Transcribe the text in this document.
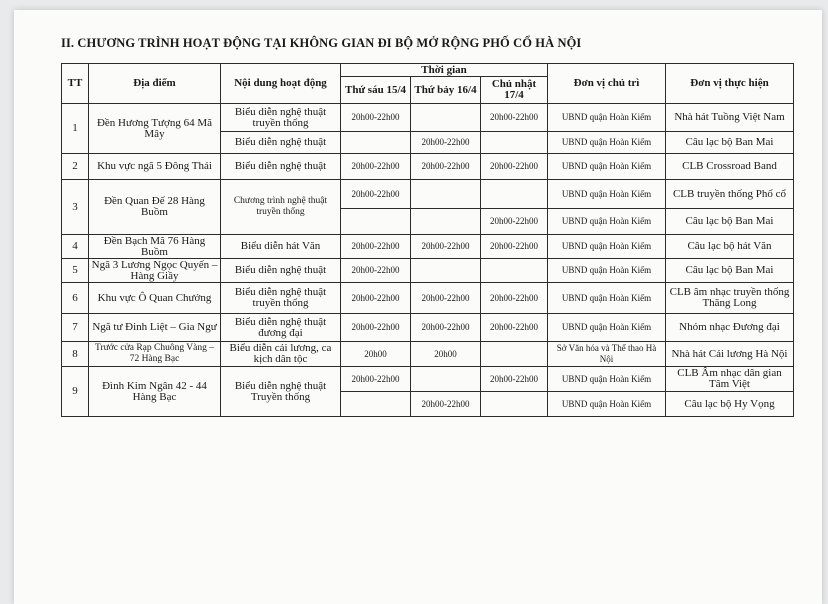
II. CHƯƠNG TRÌNH HOẠT ĐỘNG TẠI KHÔNG GIAN ĐI BỘ MỞ RỘNG PHỐ CỔ HÀ NỘI
TT	Địa điểm	Nội dung hoạt động	Thời gian			Đơn vị chủ trì	Đơn vị thực hiện
			Thứ sáu 15/4	Thứ bảy 16/4	Chủ nhật 17/4		
1	Đền Hương Tượng 64 Mã Mây	Biểu diễn nghệ thuật truyền thống	20h00-22h00		20h00-22h00	UBND quận Hoàn Kiếm	Nhà hát Tuồng Việt Nam
		Biểu diễn nghệ thuật		20h00-22h00		UBND quận Hoàn Kiếm	Câu lạc bộ Ban Mai
2	Khu vực ngã 5 Đông Thái	Biểu diễn nghệ thuật	20h00-22h00	20h00-22h00	20h00-22h00	UBND quận Hoàn Kiếm	CLB Crossroad Band
3	Đền Quan Đế 28 Hàng Buồm	Chương trình nghệ thuật truyền thống	20h00-22h00			UBND quận Hoàn Kiếm	CLB truyền thống Phố cổ
					20h00-22h00	UBND quận Hoàn Kiếm	Câu lạc bộ Ban Mai
4	Đền Bạch Mã 76 Hàng Buồm	Biểu diễn hát Văn	20h00-22h00	20h00-22h00	20h00-22h00	UBND quận Hoàn Kiếm	Câu lạc bộ hát Văn
5	Ngã 3 Lương Ngọc Quyến – Hàng Giầy	Biểu diễn nghệ thuật	20h00-22h00			UBND quận Hoàn Kiếm	Câu lạc bộ Ban Mai
6	Khu vực Ô Quan Chưởng	Biểu diễn nghệ thuật truyền thống	20h00-22h00	20h00-22h00	20h00-22h00	UBND quận Hoàn Kiếm	CLB âm nhạc truyền thống Thăng Long
7	Ngã tư Đinh Liệt – Gia Ngư	Biểu diễn nghệ thuật đương đại	20h00-22h00	20h00-22h00	20h00-22h00	UBND quận Hoàn Kiếm	Nhóm nhạc Đương đại
8	Trước cửa Rạp Chuông Vàng – 72 Hàng Bạc	Biểu diễn cải lương, ca kịch dân tộc	20h00	20h00		Sở Văn hóa và Thể thao Hà Nội	Nhà hát Cải lương Hà Nội
9	Đình Kim Ngân 42 - 44 Hàng Bạc	Biểu diễn nghệ thuật Truyền thống	20h00-22h00		20h00-22h00	UBND quận Hoàn Kiếm	CLB Âm nhạc dân gian Tâm Việt
				20h00-22h00		UBND quận Hoàn Kiếm	Câu lạc bộ Hy Vọng
